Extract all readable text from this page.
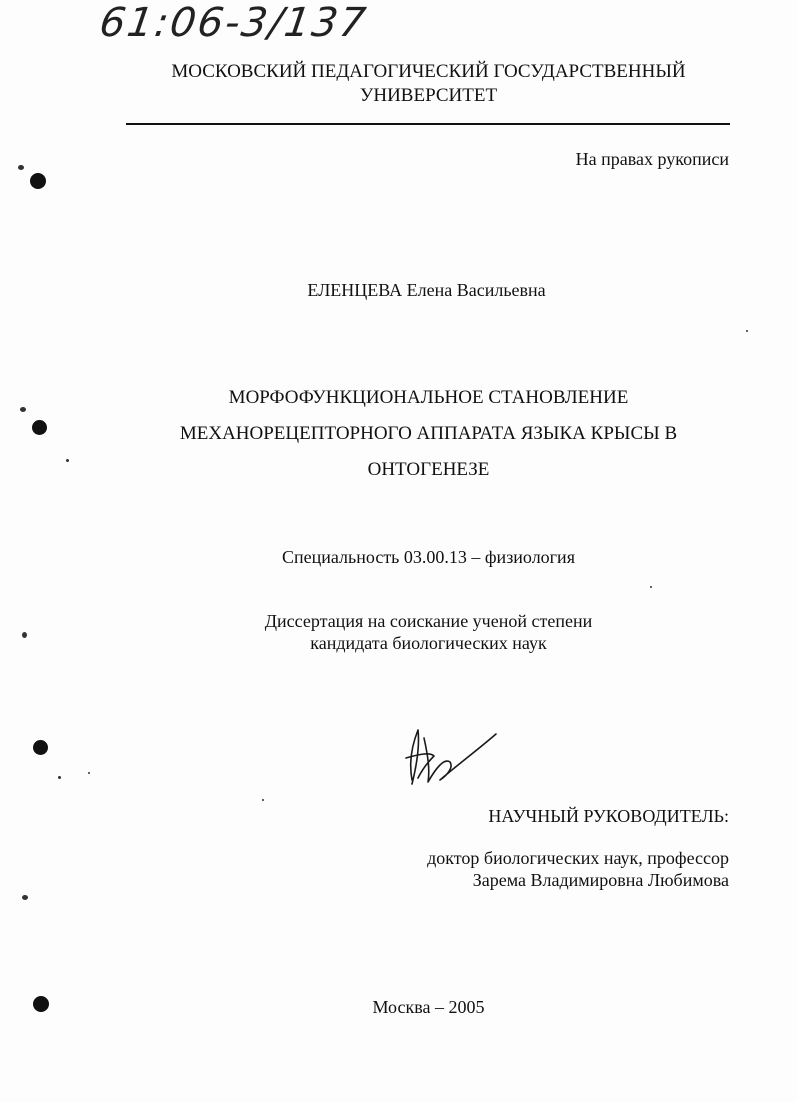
61:06-3/137
МОСКОВСКИЙ ПЕДАГОГИЧЕСКИЙ ГОСУДАРСТВЕННЫЙ
УНИВЕРСИТЕТ
На правах рукописи
ЕЛЕНЦЕВА Елена Васильевна
МОРФОФУНКЦИОНАЛЬНОЕ СТАНОВЛЕНИЕ
МЕХАНОРЕЦЕПТОРНОГО АППАРАТА ЯЗЫКА КРЫСЫ В
ОНТОГЕНЕЗЕ
Специальность 03.00.13 – физиология
Диссертация на соискание ученой степени
кандидата биологических наук
НАУЧНЫЙ РУКОВОДИТЕЛЬ:
доктор биологических наук, профессор
Зарема Владимировна Любимова
Москва – 2005
